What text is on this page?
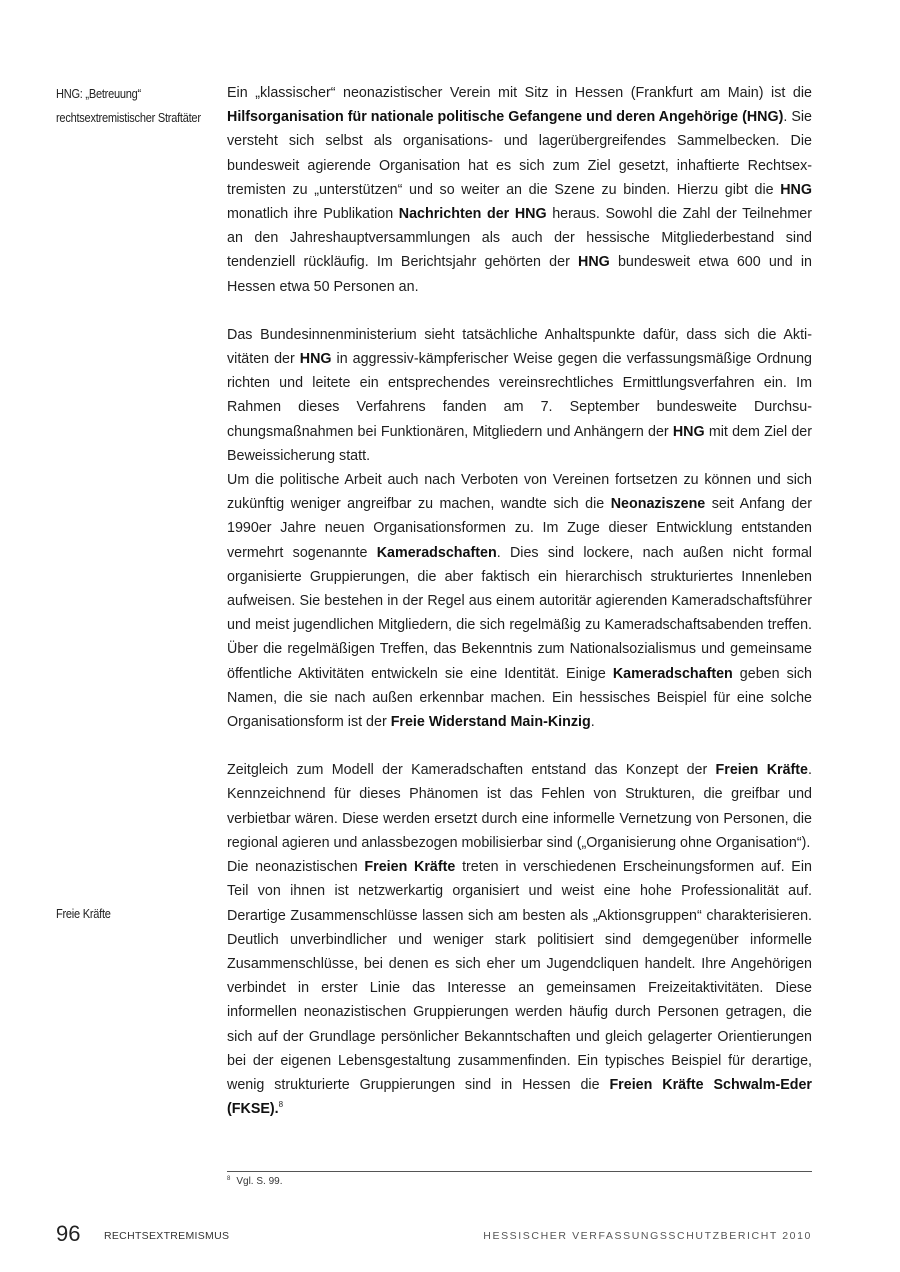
HNG: „Betreuung“
rechtsextremistischer Straftäter
Freie Kräfte

Ein „klassischer“ neonazistischer Verein mit Sitz in Hessen (Frankfurt am Main) ist die Hilfsorganisation für nationale politische Gefangene und deren Angehörige (HNG). Sie versteht sich selbst als organisations- und lagerübergreifendes Sammelbecken. Die bundesweit agierende Organisation hat es sich zum Ziel gesetzt, inhaftierte Rechtsextremisten zu „unterstützen“ und so weiter an die Szene zu binden. Hierzu gibt die HNG monatlich ihre Publikation Nachrichten der HNG heraus. Sowohl die Zahl der Teilnehmer an den Jahreshauptversammlungen als auch der hessische Mitgliederbestand sind tendenziell rückläufig. Im Berichtsjahr gehörten der HNG bundesweit etwa 600 und in Hessen etwa 50 Personen an.

Das Bundesinnenministerium sieht tatsächliche Anhaltspunkte dafür, dass sich die Aktivitäten der HNG in aggressiv-kämpferischer Weise gegen die verfassungsmäßige Ordnung richten und leitete ein entsprechendes vereinsrechtliches Ermittlungsverfahren ein. Im Rahmen dieses Verfahrens fanden am 7. September bundesweite Durchsuchungsmaßnahmen bei Funktionären, Mitgliedern und Anhängern der HNG mit dem Ziel der Beweissicherung statt.

Um die politische Arbeit auch nach Verboten von Vereinen fortsetzen zu können und sich zukünftig weniger angreifbar zu machen, wandte sich die Neonaziszene seit Anfang der 1990er Jahre neuen Organisationsformen zu. Im Zuge dieser Entwicklung entstanden vermehrt sogenannte Kameradschaften. Dies sind lockere, nach außen nicht formal organisierte Gruppierungen, die aber faktisch ein hierarchisch strukturiertes Innenleben aufweisen. Sie bestehen in der Regel aus einem autoritär agierenden Kameradschaftsführer und meist jugendlichen Mitgliedern, die sich regelmäßig zu Kameradschaftsabenden treffen. Über die regelmäßigen Treffen, das Bekenntnis zum Nationalsozialismus und gemeinsame öffentliche Aktivitäten entwickeln sie eine Identität. Einige Kameradschaften geben sich Namen, die sie nach außen erkennbar machen. Ein hessisches Beispiel für eine solche Organisationsform ist der Freie Widerstand Main-Kinzig.

Zeitgleich zum Modell der Kameradschaften entstand das Konzept der Freien Kräfte. Kennzeichnend für dieses Phänomen ist das Fehlen von Strukturen, die greifbar und verbietbar wären. Diese werden ersetzt durch eine informelle Vernetzung von Personen, die regional agieren und anlassbezogen mobilisierbar sind („Organisierung ohne Organisation“).

Die neonazistischen Freien Kräfte treten in verschiedenen Erscheinungsformen auf. Ein Teil von ihnen ist netzwerkartig organisiert und weist eine hohe Professionalität auf. Derartige Zusammenschlüsse lassen sich am besten als „Aktionsgruppen“ charakterisieren. Deutlich unverbindlicher und weniger stark politisiert sind demgegenüber informelle Zusammenschlüsse, bei denen es sich eher um Jugendcliquen handelt. Ihre Angehörigen verbindet in erster Linie das Interesse an gemeinsamen Freizeitaktivitäten. Diese informellen neonazistischen Gruppierungen werden häufig durch Personen getragen, die sich auf der Grundlage persönlicher Bekanntschaften und gleich gelagerter Orientierungen bei der eigenen Lebensgestaltung zusammenfinden. Ein typisches Beispiel für derartige, wenig strukturierte Gruppierungen sind in Hessen die Freien Kräfte Schwalm-Eder (FKSE).$^8$

$^8$ Vgl. S. 99.
96 RECHTSEXTREMISMUS	HESSISCHER VERFASSUNGSSCHUTZBERICHT 2010
